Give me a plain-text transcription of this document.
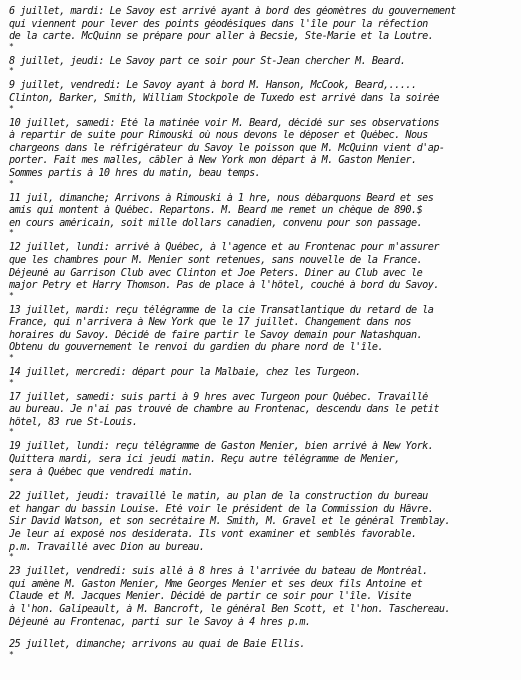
6 juillet, mardi: Le Savoy est arrivé ayant à bord des géomètres du gouvernement
qui viennent pour lever des points géodésiques dans l'île pour la réfection
de la carte. McQuinn se prépare pour aller à Becsie, Ste-Marie et la Loutre.
*
8 juillet, jeudi: Le Savoy part ce soir pour St-Jean chercher M. Beard.
*
9 juillet, vendredi: Le Savoy ayant à bord M. Hanson, McCook, Beard,.....
Clinton, Barker, Smith, William Stockpole de Tuxedo est arrivé dans la soirée
*
10 juillet, samedi: Été la matinée voir M. Beard, décidé sur ses observations
à repartir de suite pour Rimouski où nous devons le déposer et Québec. Nous
chargeons dans le réfrigérateur du Savoy le poisson que M. McQuinn vient d'ap-
porter. Fait mes malles, câbler à New York mon départ à M. Gaston Menier.
Sommes partis à 10 hres du matin, beau temps.
*
11 juil, dimanche; Arrivons à Rimouski à 1 hre, nous débarquons Beard et ses
amis qui montent à Québec. Repartons. M. Beard me remet un chèque de 890.$
en cours américain, soit mille dollars canadien, convenu pour son passage.
*
12 juillet, lundi: arrivé à Québec, à l'agence et au Frontenac pour m'assurer
que les chambres pour M. Menier sont retenues, sans nouvelle de la France.
Déjeuné au Garrison Club avec Clinton et Joe Peters. Diner au Club avec le
major Petry et Harry Thomson. Pas de place à l'hôtel, couché à bord du Savoy.
*
13 juillet, mardi: reçu télégramme de la cie Transatlantique du retard de la
France, qui n'arrivera à New York que le 17 juillet. Changement dans nos
horaires du Savoy. Décidé de faire partir le Savoy demain pour Natashquan.
Obtenu du gouvernement le renvoi du gardien du phare nord de l'île.
*
14 juillet, mercredi: départ pour la Malbaie, chez les Turgeon.
*
17 juillet, samedi: suis parti à 9 hres avec Turgeon pour Québec. Travaillé
au bureau. Je n'ai pas trouvé de chambre au Frontenac, descendu dans le petit
hôtel, 83 rue St-Louis.
*
19 juillet, lundi: reçu télégramme de Gaston Menier, bien arrivé à New York.
Quittera mardi, sera ici jeudi matin. Reçu autre télégramme de Menier,
sera à Québec que vendredi matin.
*
22 juillet, jeudi: travaillé le matin, au plan de la construction du bureau
et hangar du bassin Louise. Été voir le président de la Commission du Hâvre.
Sir David Watson, et son secrétaire M. Smith, M. Gravel et le général Tremblay.
Je leur ai exposé nos desiderata. Ils vont examiner et semblés favorable.
p.m. Travaillé avec Dion au bureau.
*
23 juillet, vendredi: suis allé à 8 hres à l'arrivée du bateau de Montréal.
qui amène M. Gaston Menier, Mme Georges Menier et ses deux fils Antoine et
Claude et M. Jacques Menier. Décidé de partir ce soir pour l'île. Visite
à l'hon. Galipeault, à M. Bancroft, le général Ben Scott, et l'hon. Taschereau.
Déjeuné au Frontenac, parti sur le Savoy à 4 hres p.m.
25 juillet, dimanche; arrivons au quai de Baie Ellis.
*
